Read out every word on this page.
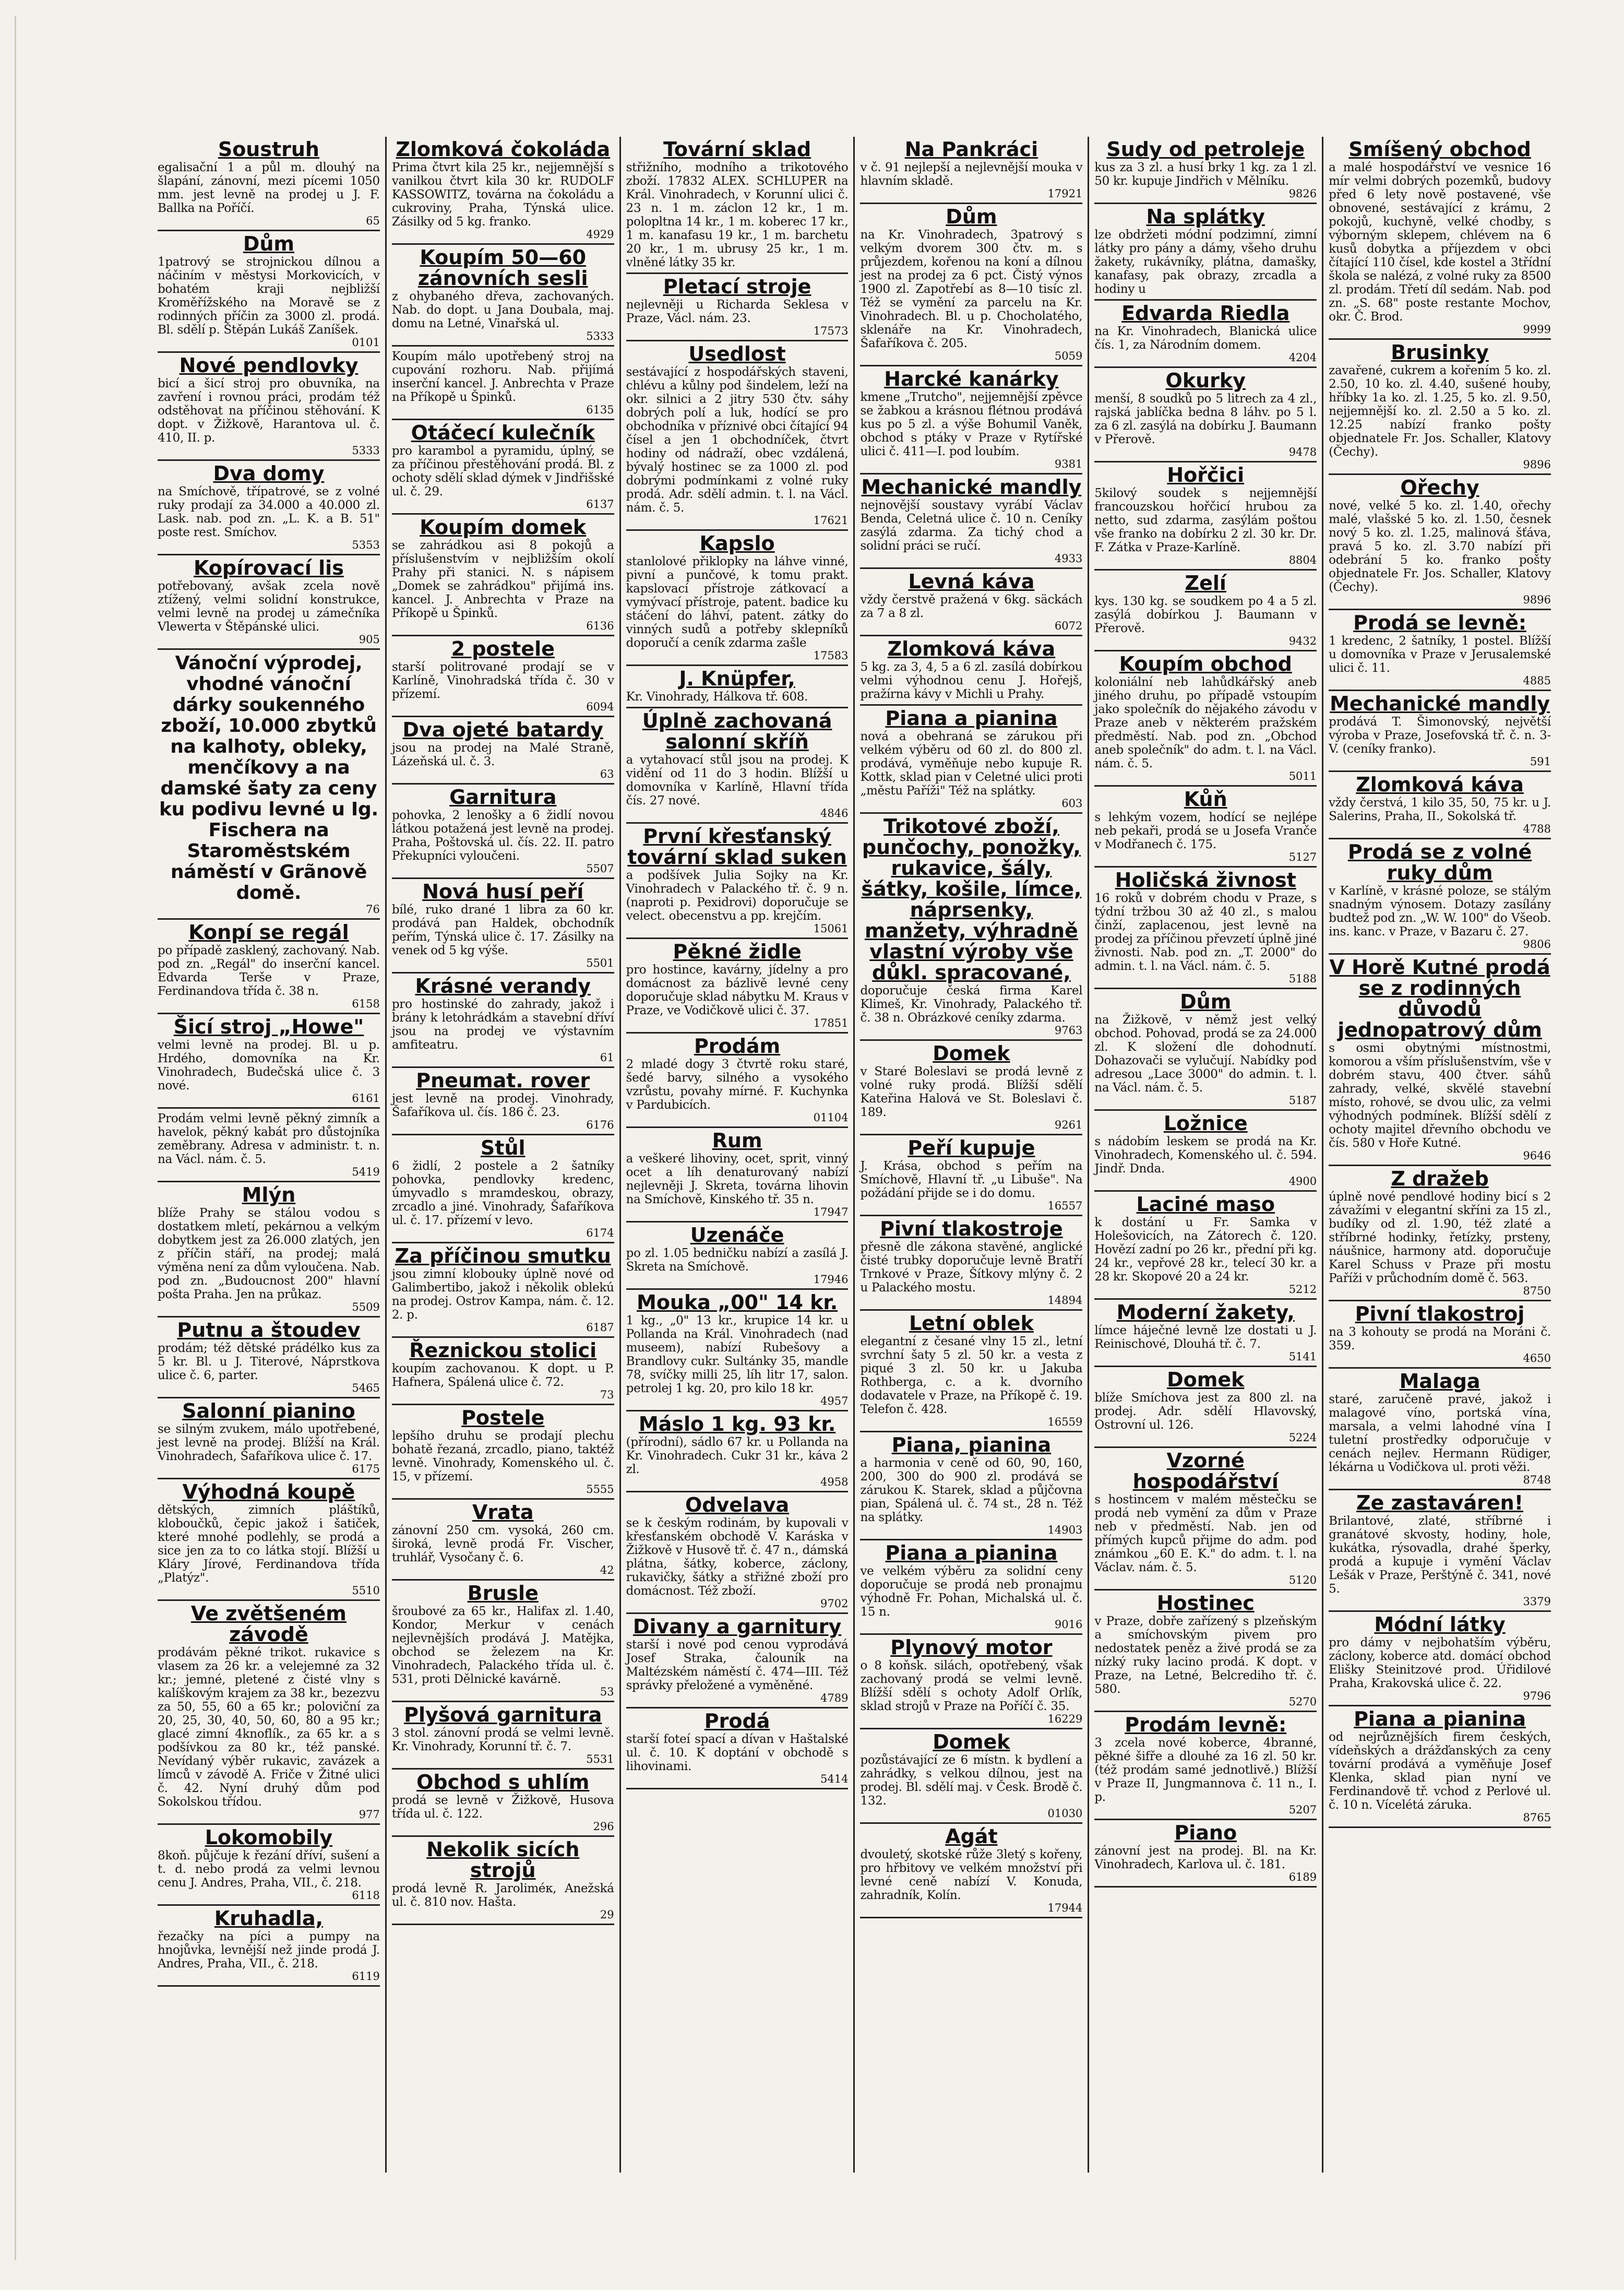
Soustruh

egalisační 1 a půl m. dlouhý na šlapání, zánovní, mezi pícemi 1050 mm. jest levně na prodej u J. F. Ballka na Poříčí.

65
Dům

1patrový se strojnickou dílnou a náčiním v městysi Morkovicích, v bohatém kraji nejbližší Kroměřížského na Moravě se z rodinných příčin za 3000 zl. prodá. Bl. sdělí p. Štěpán Lukáš Zaníšek.

0101
Nové pendlovky

bicí a šicí stroj pro obuvníka, na zavření i rovnou práci, prodám též odstěhovat na příčinou stěhování. K dopt. v Žižkově, Harantova ul. č. 410, II. p.

5333
Dva domy

na Smíchově, třípatrové, se z volné ruky prodají za 34.000 a 40.000 zl. Lask. nab. pod zn. „L. K. a B. 51" poste rest. Smíchov.

5353
Kopírovací lis

potřebovaný, avšak zcela nově ztížený, velmi solidní konstrukce, velmi levně na prodej u zámečníka Vlewerta v Štěpánské ulici.

905

Vánoční výprodej, vhodné vánoční dárky soukenného zboží, 10.000 zbytků na kalhoty, obleky, menčíkovy a na damské šaty za ceny ku podivu levné u Ig. Fischera na Staroměstském náměstí v Grãnově domě.

76
Konpí se regál

po případě zasklený, zachovaný. Nab. pod zn. „Regál" do inserční kancel. Edvarda Terše v Praze, Ferdinandova třída č. 38 n.

6158
Šicí stroj „Howe"

velmi levně na prodej. Bl. u p. Hrdého, domovníka na Kr. Vinohradech, Budečská ulice č. 3 nové.

6161

Prodám velmi levně pěkný zimník a havelok, pěkný kabát pro důstojníka zeměbrany. Adresa v administr. t. n. na Václ. nám. č. 5.

5419
Mlýn

blíže Prahy se stálou vodou s dostatkem mletí, pekárnou a velkým dobytkem jest za 26.000 zlatých, jen z příčin stáří, na prodej; malá výměna není za dům vyloučena. Nab. pod zn. „Budoucnost 200" hlavní pošta Praha. Jen na průkaz.

5509
Putnu a štoudev

prodám; též dětské prádélko kus za 5 kr. Bl. u J. Titerové, Náprstkova ulice č. 6, parter.

5465
Salonní pianino

se silným zvukem, málo upotřebené, jest levně na prodej. Blížší na Král. Vinohradech, Šafaříkova ulice č. 17.

6175
Výhodná koupě

dětských, zimních pláštíků, kloboučků, čepic jakož i šatiček, které mnohé podlehly, se prodá a sice jen za to co látka stojí. Blížší u Kláry Jírové, Ferdinandova třída „Platýz".

5510
Ve zvětšeném závodě

prodávám pěkné trikot. rukavice s vlasem za 26 kr. a velejemné za 32 kr.; jemné, pletené z čisté vlny s kalíškovým krajem za 38 kr., bezezvu za 50, 55, 60 a 65 kr.; poloviční za 20, 25, 30, 40, 50, 60, 80 a 95 kr.; glacé zimní 4knoflík., za 65 kr. a s podšívkou za 80 kr., též panské. Nevídaný výběr rukavic, zavázek a límců v závodě A. Friče v Žitné ulici č. 42. Nyní druhý dům pod Sokolskou třídou.

977
Lokomobily

8koň. půjčuje k řezání dříví, sušení a t. d. nebo prodá za velmi levnou cenu J. Andres, Praha, VII., č. 218.

6118
Kruhadla,

řezačky na píci a pumpy na hnojůvka, levnější než jinde prodá J. Andres, Praha, VII., č. 218.

6119
Zlomková čokoláda

Prima čtvrt kila 25 kr., nejjemnější s vanilkou čtvrt kila 30 kr. RUDOLF KASSOWITZ, továrna na čokoládu a cukroviny, Praha, Týnská ulice. Zásilky od 5 kg. franko.

4929
Koupím 50—60 zánovních sesli

z ohybaného dřeva, zachovaných. Nab. do dopt. u Jana Doubala, maj. domu na Letné, Vinařská ul.

5333

Koupím málo upotřebený stroj na cupování rozhoru. Nab. přijímá inserční kancel. J. Anbrechta v Praze na Příkopě u Špinků.

6135
Otáčecí kulečník

pro karambol a pyramidu, úplný, se za příčinou přestěhování prodá. Bl. z ochoty sdělí sklad dýmek v Jindřišské ul. č. 29.

6137
Koupím domek

se zahrádkou asi 8 pokojů a příslušenstvím v nejbližším okolí Prahy při stanici. N. s nápisem „Domek se zahrádkou" přijímá ins. kancel. J. Anbrechta v Praze na Příkopě u Špinků.

6136
2 postele

starší politrované prodají se v Karlíně, Vinohradská třída č. 30 v přízemí.

6094
Dva ojeté batardy

jsou na prodej na Malé Straně, Lázeňská ul. č. 3.

63
Garnitura

pohovka, 2 lenošky a 6 židlí novou látkou potažená jest levně na prodej. Praha, Poštovská ul. čís. 22. II. patro Překupníci vyloučeni.

5507
Nová husí peří

bílé, ruko drané 1 libra za 60 kr. prodává pan Haldek, obchodník peřím, Týnská ulice č. 17. Zásilky na venek od 5 kg výše.

5501
Krásné verandy

pro hostinské do zahrady, jakož i brány k letohrádkám a stavební dříví jsou na prodej ve výstavním amfiteatru.

61
Pneumat. rover

jest levně na prodej. Vinohrady, Šafaříkova ul. čís. 186 č. 23.

6176
Stůl

6 židlí, 2 postele a 2 šatníky pohovka, pendlovky kredenc, úmyvadlo s mramdeskou, obrazy, zrcadlo a jiné. Vinohrady, Šafaříkova ul. č. 17. přízemí v levo.

6174
Za příčinou smutku

jsou zimní klobouky úplně nové od Galimbertibo, jakož i několik oblekú na prodej. Ostrov Kampa, nám. č. 12. 2. p.

6187
Řeznickou stolici

koupím zachovanou. K dopt. u P. Hafnera, Spálená ulice č. 72.

73
Postele

lepšího druhu se prodají plechu bohatě řezaná, zrcadlo, piano, taktéž levně. Vinohrady, Komenského ul. č. 15, v přízemí.

5555
Vrata

zánovní 250 cm. vysoká, 260 cm. široká, levně prodá Fr. Vischer, truhlář, Vysočany č. 6.

42
Brusle

šroubové za 65 kr., Halifax zl. 1.40, Kondor, Merkur v cenách nejlevnějších prodává J. Matějka, obchod se železem na Kr. Vinohradech, Palackého třída ul. č. 531, proti Dělnické kavárně.

53
Plyšová garnitura

3 stol. zánovní prodá se velmi levně. Kr. Vinohrady, Korunní tř. č. 7.

5531
Obchod s uhlím

prodá se levně v Žižkově, Husova třída ul. č. 122.

296
Nekolik sicích strojů

prodá levně R. Jaroliméк, Anežská ul. č. 810 nov. Hašta.

29
Tovární sklad

střižního, modního a trikotového zboží. 17832 ALEX. SCHLUPER na Král. Vinohradech, v Korunní ulici č. 23 n. 1 m. záclon 12 kr., 1 m. polopltna 14 kr., 1 m. koberec 17 kr., 1 m. kanafasu 19 kr., 1 m. barchetu 20 kr., 1 m. ubrusy 25 kr., 1 m. vlněné látky 35 kr.

Pletací stroje

nejlevněji u Richarda Seklesa v Praze, Václ. nám. 23.

17573
Usedlost

sestávající z hospodářských staveni, chlévu a kůlny pod šindelem, leží na okr. silnici a 2 jitry 530 čtv. sáhy dobrých polí a luk, hodící se pro obchodníka v příznivé obci čítající 94 čísel a jen 1 obchodníček, čtvrt hodiny od nádraží, obec vzdálená, bývalý hostinec se za 1000 zl. pod dobrými podmínkami z volné ruky prodá. Adr. sdělí admin. t. l. na Václ. nám. č. 5.

17621
Kapslo

stanlolové přiklopky na láhve vinné, pivní a punčové, k tomu prakt. kapslovací přístroje zátkovací a vymývací přístroje, patent. badice ku stáčení do láhví, patent. zátky do vinných sudů a potřeby sklepníků doporučí a ceník zdarma zašle

17583
J. Knüpfer,

Kr. Vinohrady, Hálkova tř. 608.

Úplně zachovaná salonní skříň

a vytahovací stůl jsou na prodej. K vidění od 11 do 3 hodin. Blížší u domovníka v Karlíně, Hlavní třída čís. 27 nové.

4846
První křesťanský tovární sklad suken

a podšívek Julia Sojky na Kr. Vinohradech v Palackého tř. č. 9 n. (naproti p. Pexidrovi) doporučuje se velect. obecenstvu a pp. krejčím.

15061
Pěkné židle

pro hostince, kavárny, jídelny a pro domácnost za bázlivě levné ceny doporučuje sklad nábytku M. Kraus v Praze, ve Vodičkově ulici č. 37.

17851
Prodám

2 mladé dogy 3 čtvrtě roku staré, šedé barvy, silného a vysokého vzrůstu, povahy mírné. F. Kuchynka v Pardubicích.

01104
Rum

a veškeré lihoviny, ocet, sprit, vinný ocet a líh denaturovaný nabízí nejlevněji J. Skreta, továrna lihovin na Smíchově, Kinského tř. 35 n.

17947
Uzenáče

po zl. 1.05 bedničku nabízí a zasílá J. Skreta na Smíchově.

17946
Mouka „00" 14 kr.

1 kg., „0" 13 kr., krupice 14 kr. u Pollanda na Král. Vinohradech (nad museem), nabízí Rubešovy a Brandlovy cukr. Sultánky 35, mandle 78, svíčky milli 25, líh litr 17, salon. petrolej 1 kg. 20, pro kilo 18 kr.

4957
Máslo 1 kg. 93 kr.

(přírodní), sádlo 67 kr. u Pollanda na Kr. Vinohradech. Cukr 31 kr., káva 2 zl.

4958
Odvelava

se k českým rodinám, by kupovali v křesťanském obchodě V. Karáska v Žižkově v Husově tř. č. 47 n., dámská plátna, šátky, koberce, záclony, rukavičky, šátky a střižné zboží pro domácnost. Též zboží.

9702
Divany a garnitury

starší i nové pod cenou vyprodává Josef Straka, čalouník na Maltézském náměstí č. 474—III. Též správky přeložené a vyměněné.

4789
Prodá

starší foteí spací a dívan v Haštalské ul. č. 10. K doptání v obchodě s lihovinami.

5414
Na Pankráci

v č. 91 nejlepší a nejlevnější mouka v hlavním skladě.

17921
Dům

na Kr. Vinohradech, 3patrový s velkým dvorem 300 čtv. m. s průjezdem, kořenou na koní a dílnou jest na prodej za 6 pct. Čistý výnos 1900 zl. Zapotřebí as 8—10 tisíc zl. Též se vymění za parcelu na Kr. Vinohradech. Bl. u p. Chocholatého, sklenáře na Kr. Vinohradech, Šafaříkova č. 205.

5059
Harcké kanárky

kmene „Trutcho", nejjemnější zpěvce se žabkou a krásnou flétnou prodává kus po 5 zl. a výše Bohumil Vaněk, obchod s ptáky v Praze v Rytířské ulici č. 411—I. pod loubím.

9381
Mechanické mandly

nejnovější soustavy vyrábí Václav Benda, Celetná ulice č. 10 n. Ceníky zasýlá zdarma. Za tichý chod a solidní práci se ručí.

4933
Levná káva

vždy čerstvě pražená v 6kg. säckách za 7 a 8 zl.

6072
Zlomková káva

5 kg. za 3, 4, 5 a 6 zl. zasílá dobírkou velmi výhodnou cenu J. Hořejš, pražírna kávy v Michli u Prahy.

Piana a pianina

nová a obehraná se zárukou při velkém výběru od 60 zl. do 800 zl. prodává, vyměňuje nebo kupuje R. Kottk, sklad pian v Celetné ulici proti „městu Paříži" Též na splátky.

603
Trikotové zboží, punčochy, ponožky, rukavice, šály, šátky, košile, límce, náprsenky, manžety, výhradně vlastní výroby vše důkl. spracované,

doporučuje česká firma Karel Klimeš, Kr. Vinohrady, Palackého tř. č. 38 n. Obrázkové ceníky zdarma.

9763
Domek

v Staré Boleslavi se prodá levně z volné ruky prodá. Blížší sdělí Kateřina Halová ve St. Boleslavi č. 189.

9261
Peří kupuje

J. Krása, obchod s peřím na Smíchově, Hlavní tř. „u Libuše". Na požádání přijde se i do domu.

16557
Pivní tlakostroje

přesně dle zákona stavěné, anglické čisté trubky doporučuje levně Bratří Trnkové v Praze, Šítkovy mlýny č. 2 u Palackého mostu.

14894
Letní oblek

elegantní z česané vlny 15 zl., letní svrchní šaty 5 zl. 50 kr. a vesta z piqué 3 zl. 50 kr. u Jakuba Rothberga, c. a k. dvorního dodavatele v Praze, na Příkopě č. 19. Telefon č. 428.

16559
Piana, pianina

a harmonia v ceně od 60, 90, 160, 200, 300 do 900 zl. prodává se zárukou K. Starek, sklad a půjčovna pian, Spálená ul. č. 74 st., 28 n. Též na splátky.

14903
Piana a pianina

ve velkém výběru za solidní ceny doporučuje se prodá neb pronajmu výhodně Fr. Pohan, Michalská ul. č. 15 n.

9016
Plynový motor

o 8 koňsk. silách, opotřebený, však zachovaný prodá se velmi levně. Blížší sdělí s ochoty Adolf Orlík, sklad strojů v Praze na Poříčí č. 35.

16229
Domek

pozůstávající ze 6 místn. k bydlení a zahrádky, s velkou dílnou, jest na prodej. Bl. sdělí maj. v Česk. Brodě č. 132.

01030
Agát

dvouletý, skotské růže 3letý s kořeny, pro hřbitovy ve velkém množství při levné ceně nabízí V. Konuda, zahradník, Kolín.

17944
Sudy od petroleje

kus za 3 zl. a husí brky 1 kg. za 1 zl. 50 kr. kupuje Jindřich v Mělníku.

9826
Na splátky

lze obdržeti módní podzimní, zimní látky pro pány a dámy, všeho druhu žakety, rukávníky, plátna, damašky, kanafasy, pak obrazy, zrcadla a hodiny u

Edvarda Riedla

na Kr. Vinohradech, Blanická ulice čís. 1, za Národním domem.

4204
Okurky

menší, 8 soudků po 5 litrech za 4 zl., rajská jablíčka bedna 8 láhv. po 5 l. za 6 zl. zasýlá na dobírku J. Baumann v Přerově.

9478
Hořčici

5kilový soudek s nejjemnější francouzskou hořčicí hrubou za netto, sud zdarma, zasýlám poštou vše franko na dobírku 2 zl. 30 kr. Dr. F. Zátka v Praze-Karlíně.

8804
Zelí

kys. 130 kg. se soudkem po 4 a 5 zl. zasýlá dobírkou J. Baumann v Přerově.

9432
Koupím obchod

koloniální neb lahůdkářský aneb jiného druhu, po případě vstoupím jako společník do nějakého závodu v Praze aneb v některém pražském předměstí. Nab. pod zn. „Obchod aneb společník" do adm. t. l. na Václ. nám. č. 5.

5011
Kůň

s lehkým vozem, hodící se nejlépe neb pekaři, prodá se u Josefa Vranče v Modřanech č. 175.

5127
Holičská živnost

16 roků v dobrém chodu v Praze, s týdní tržbou 30 až 40 zl., s malou činží, zaplacenou, jest levně na prodej za příčinou převzetí úplně jiné živnosti. Nab. pod zn. „T. 2000" do admin. t. l. na Václ. nám. č. 5.

5188
Dům

na Žižkově, v němž jest velký obchod. Pohovad, prodá se za 24.000 zl. K složení dle dohodnutí. Dohazovači se vylučují. Nabídky pod adresou „Lace 3000" do admin. t. l. na Václ. nám. č. 5.

5187
Ložnice

s nádobím leskem se prodá na Kr. Vinohradech, Komenského ul. č. 594. Jindř. Dnda.

4900
Laciné maso

k dostání u Fr. Samka v Holešovicích, na Zátorech č. 120. Hovězí zadní po 26 kr., přední při kg. 24 kr., vepřové 28 kr., telecí 30 kr. a 28 kr. Skopové 20 a 24 kr.

5212
Moderní žakety,

límce háječné levně lze dostati u J. Reinischové, Dlouhá tř. č. 7.

5141
Domek

blíže Smíchova jest za 800 zl. na prodej. Adr. sdělí Hlavovský, Ostrovní ul. 126.

5224
Vzorné hospodářství

s hostincem v malém městečku se prodá neb vymění za dům v Praze neb v předměstí. Nab. jen od přímých kupců přijme do adm. pod známkou „60 E. K." do adm. t. l. na Václav. nám. č. 5.

5120
Hostinec

v Praze, dobře zařízený s plzeňským a smíchovským pivem pro nedostatek peněz a živé prodá se za nízký ruky lacino prodá. K dopt. v Praze, na Letné, Belcrediho tř. č. 580.

5270
Prodám levně:

3 zcela nové koberce, 4branné, pěkné šifře a dlouhé za 16 zl. 50 kr. (též prodám samé jednotlivě.) Blížší v Praze II, Jungmannova č. 11 n., I. p.

5207
Piano

zánovní jest na prodej. Bl. na Kr. Vinohradech, Karlova ul. č. 181.

6189
Smíšený obchod

a malé hospodářství ve vesnice 16 mír velmi dobrých pozemků, budovy před 6 lety nově postavené, vše obnovené, sestávající z krámu, 2 pokojů, kuchyně, velké chodby, s výborným sklepem, chlévem na 6 kusů dobytka a příjezdem v obci čítající 110 čísel, kde kostel a 3třídní škola se nalézá, z volné ruky za 8500 zl. prodám. Třetí díl sedám. Nab. pod zn. „S. 68" poste restante Mochov, okr. Č. Brod.

9999
Brusinky

zavařené, cukrem a kořením 5 ko. zl. 2.50, 10 ko. zl. 4.40, sušené houby, hříbky 1a ko. zl. 1.25, 5 ko. zl. 9.50, nejjemnější ko. zl. 2.50 a 5 ko. zl. 12.25 nabízí franko pošty objednatele Fr. Jos. Schaller, Klatovy (Čechy).

9896
Ořechy

nové, velké 5 ko. zl. 1.40, ořechy malé, vlašské 5 ko. zl. 1.50, česnek nový 5 ko. zl. 1.25, malinová šťáva, pravá 5 ko. zl. 3.70 nabízí při odebrání 5 ko. franko pošty objednatele Fr. Jos. Schaller, Klatovy (Čechy).

9896
Prodá se levně:

1 kredenc, 2 šatníky, 1 postel. Blížší u domovníka v Praze v Jerusalemské ulici č. 11.

4885
Mechanické mandly

prodává T. Šimonovský, největší výroba v Praze, Josefovská tř. č. n. 3-V. (ceníky franko).

591
Zlomková káva

vždy čerstvá, 1 kilo 35, 50, 75 kr. u J. Salerins, Praha, II., Sokolská tř.

4788
Prodá se z volné ruky dům

v Karlíně, v krásné poloze, se stálým snadným výnosem. Dotazy zasílány budtež pod zn. „W. W. 100" do Všeob. ins. kanc. v Praze, v Bazaru č. 27.

9806
V Horě Kutné prodá se z rodinných důvodů jednopatrový dům

s osmi obytnými místnostmi, komorou a vším příslušenstvím, vše v dobrém stavu, 400 čtver. sáhů zahrady, velké, skvělé stavební místo, rohové, se dvou ulic, za velmi výhodných podmínek. Blížší sdělí z ochoty majitel dřevního obchodu ve čís. 580 v Hoře Kutné.

9646
Z dražeb

úplně nové pendlové hodiny bicí s 2 závažími v elegantní skříni za 15 zl., budíky od zl. 1.90, též zlaté a stříbrné hodinky, řetízky, prsteny, náušnice, harmony atd. doporučuje Karel Schuss v Praze při mostu Paříži v průchodním domě č. 563.

8750
Pivní tlakostroj

na 3 kohouty se prodá na Moráni č. 359.

4650
Malaga

staré, zaručeně pravé, jakož i malagové víno, portská vína, marsala, a velmi lahodné vína I tuletní prostředky odporučuje v cenách nejlev. Hermann Rüdiger, lékárna u Vodičkova ul. proti věži.

8748
Ze zastaváren!

Brilantové, zlaté, stříbrné i granátové skvosty, hodiny, hole, kukátka, rýsovadla, drahé šperky, prodá a kupuje i vymění Václav Lešák v Praze, Perštýně č. 341, nové 5.

3379
Módní látky

pro dámy v nejbohatším výběru, záclony, koberce atd. domácí obchod Elišky Steinitzové prod. Úřidilové Praha, Krakovská ulice č. 22.

9796
Piana a pianina

od nejrůznějších firem českých, vídeňských a drážďanských za ceny tovární prodává a vyměňuje Josef Klenka, sklad pian nyní ve Ferdinandově tř. vchod z Perlové ul. č. 10 n. Vícelétá záruka.

8765
